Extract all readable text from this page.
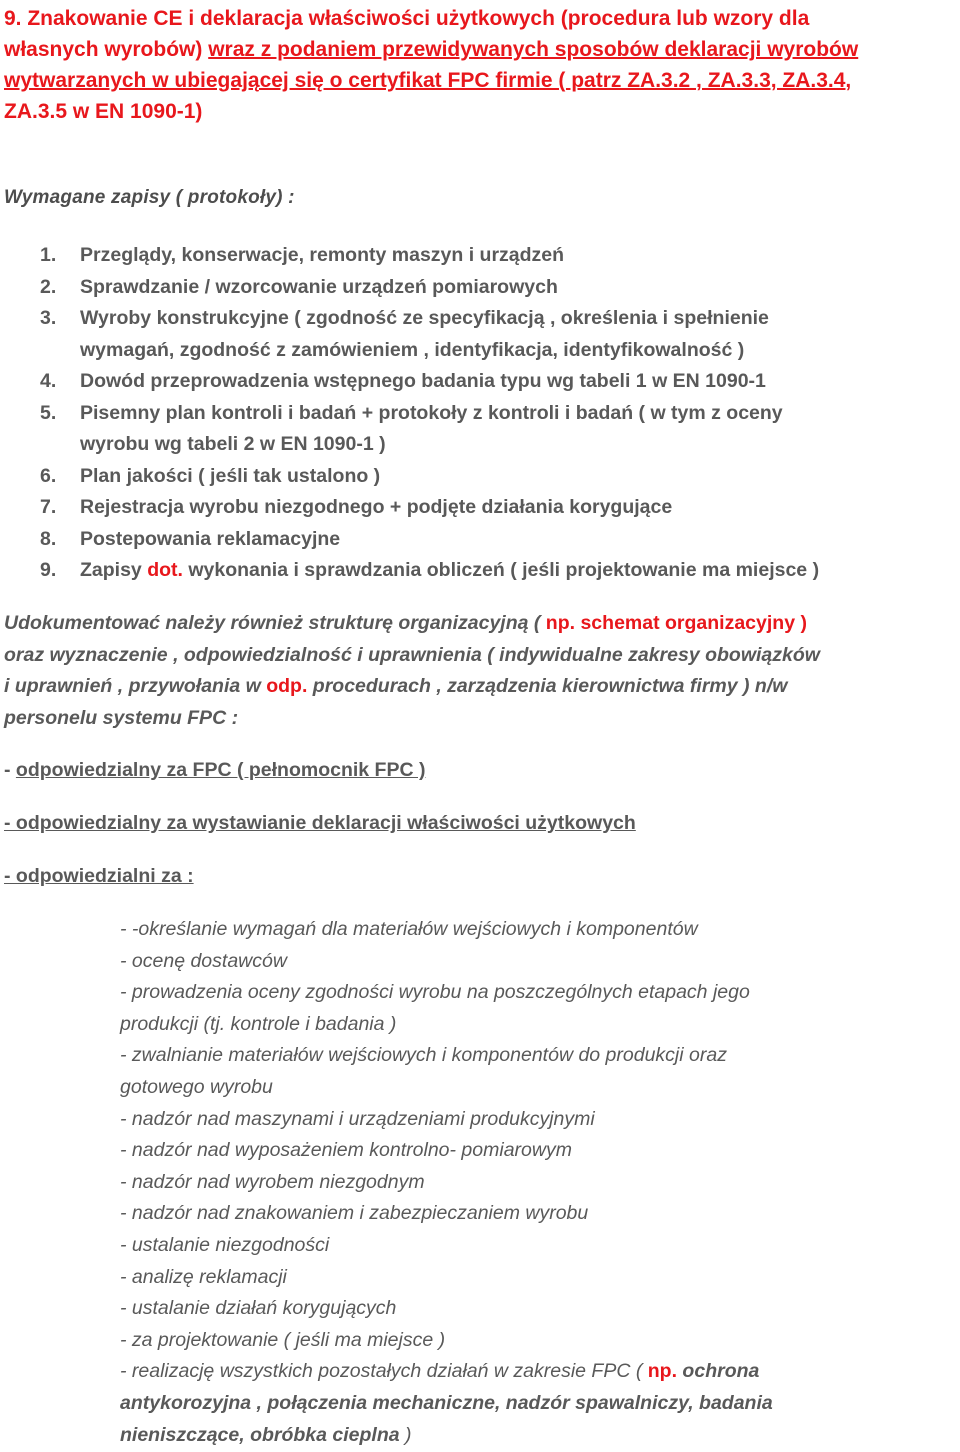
9. Znakowanie CE i deklaracja właściwości użytkowych (procedura lub wzory dla
własnych wyrobów) wraz z podaniem przewidywanych sposobów deklaracji wyrobów
wytwarzanych w ubiegającej się o certyfikat FPC firmie ( patrz ZA.3.2 , ZA.3.3, ZA.3.4,
ZA.3.5 w EN 1090-1)
Wymagane zapisy ( protokoły) :
1. Przeglądy, konserwacje, remonty maszyn i urządzeń
2. Sprawdzanie / wzorcowanie urządzeń pomiarowych
3. Wyroby konstrukcyjne ( zgodność ze specyfikacją , określenia i spełnienie
wymagań, zgodność z zamówieniem , identyfikacja, identyfikowalność )
4. Dowód przeprowadzenia wstępnego badania typu wg tabeli 1 w EN 1090-1
5. Pisemny plan kontroli i badań + protokoły z kontroli i badań ( w tym z oceny
wyrobu wg tabeli 2 w EN 1090-1 )
6. Plan jakości ( jeśli tak ustalono )
7. Rejestracja wyrobu niezgodnego + podjęte działania korygujące
8. Postepowania reklamacyjne
9. Zapisy dot. wykonania i sprawdzania obliczeń ( jeśli projektowanie ma miejsce )
Udokumentować należy również strukturę organizacyjną ( np. schemat organizacyjny )
oraz wyznaczenie , odpowiedzialność i uprawnienia ( indywidualne zakresy obowiązków
i uprawnień , przywołania w odp. procedurach , zarządzenia kierownictwa firmy ) n/w
personelu systemu FPC :
- odpowiedzialny za FPC ( pełnomocnik FPC )
- odpowiedzialny za wystawianie deklaracji właściwości użytkowych
- odpowiedzialni za :
- -określanie wymagań dla materiałów wejściowych i komponentów
- ocenę dostawców
- prowadzenia oceny zgodności wyrobu na poszczególnych etapach jego
produkcji (tj. kontrole i badania )
- zwalnianie materiałów wejściowych i komponentów do produkcji oraz
gotowego wyrobu
- nadzór nad maszynami i urządzeniami produkcyjnymi
- nadzór nad wyposażeniem kontrolno- pomiarowym
- nadzór nad wyrobem niezgodnym
- nadzór nad znakowaniem i zabezpieczaniem wyrobu
- ustalanie niezgodności
- analizę reklamacji
- ustalanie działań korygujących
- za projektowanie ( jeśli ma miejsce )
- realizację wszystkich pozostałych działań w zakresie FPC ( np. ochrona
antykorozyjna , połączenia mechaniczne, nadzór spawalniczy, badania
nieniszczące, obróbka cieplna )
